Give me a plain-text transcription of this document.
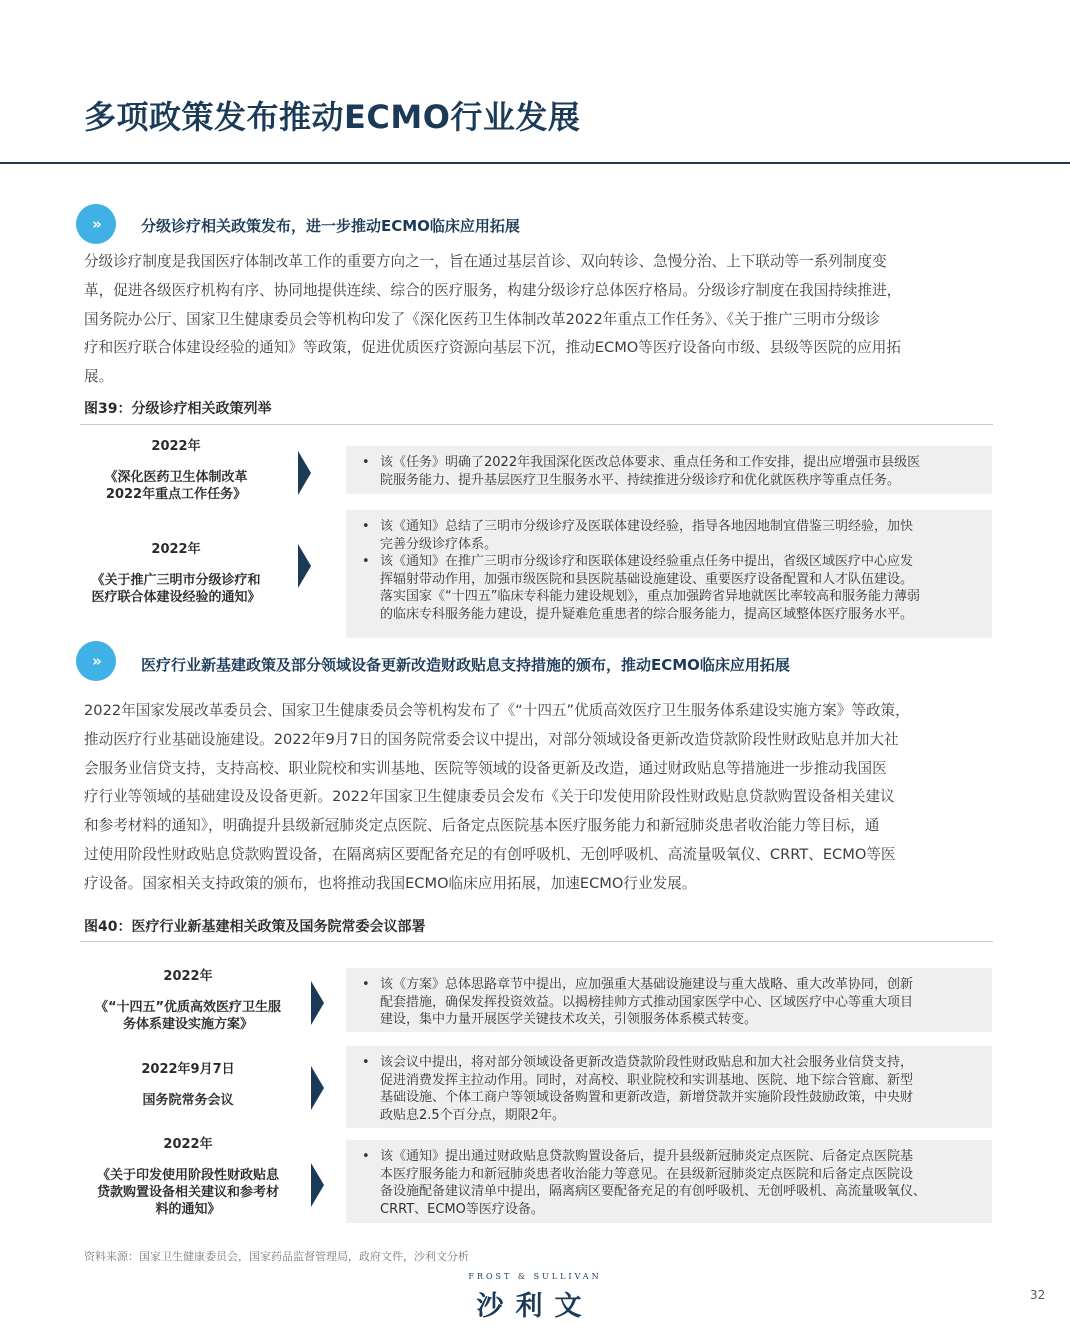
多项政策发布推动ECMO行业发展
»	分级诊疗相关政策发布，进一步推动ECMO临床应用拓展
分级诊疗制度是我国医疗体制改革工作的重要方向之一，旨在通过基层首诊、双向转诊、急慢分治、上下联动等一系列制度变
革，促进各级医疗机构有序、协同地提供连续、综合的医疗服务，构建分级诊疗总体医疗格局。分级诊疗制度在我国持续推进，
国务院办公厅、国家卫生健康委员会等机构印发了《深化医药卫生体制改革2022年重点工作任务》、《关于推广三明市分级诊
疗和医疗联合体建设经验的通知》等政策，促进优质医疗资源向基层下沉，推动ECMO等医疗设备向市级、县级等医院的应用拓
展。
图39：分级诊疗相关政策列举
2022年
《深化医药卫生体制改革
2022年重点工作任务》
• 该《任务》明确了2022年我国深化医改总体要求、重点任务和工作安排，提出应增强市县级医
院服务能力、提升基层医疗卫生服务水平、持续推进分级诊疗和优化就医秩序等重点任务。
2022年
《关于推广三明市分级诊疗和
医疗联合体建设经验的通知》
• 该《通知》总结了三明市分级诊疗及医联体建设经验，指导各地因地制宜借鉴三明经验，加快
完善分级诊疗体系。
• 该《通知》在推广三明市分级诊疗和医联体建设经验重点任务中提出，省级区域医疗中心应发
挥辐射带动作用，加强市级医院和县医院基础设施建设、重要医疗设备配置和人才队伍建设。
落实国家《“十四五”临床专科能力建设规划》，重点加强跨省异地就医比率较高和服务能力薄弱
的临床专科服务能力建设，提升疑难危重患者的综合服务能力，提高区域整体医疗服务水平。
»	医疗行业新基建政策及部分领域设备更新改造财政贴息支持措施的颁布，推动ECMO临床应用拓展
2022年国家发展改革委员会、国家卫生健康委员会等机构发布了《“十四五”优质高效医疗卫生服务体系建设实施方案》等政策，
推动医疗行业基础设施建设。2022年9月7日的国务院常委会议中提出，对部分领域设备更新改造贷款阶段性财政贴息并加大社
会服务业信贷支持，支持高校、职业院校和实训基地、医院等领域的设备更新及改造，通过财政贴息等措施进一步推动我国医
疗行业等领域的基础建设及设备更新。2022年国家卫生健康委员会发布《关于印发使用阶段性财政贴息贷款购置设备相关建议
和参考材料的通知》，明确提升县级新冠肺炎定点医院、后备定点医院基本医疗服务能力和新冠肺炎患者收治能力等目标，通
过使用阶段性财政贴息贷款购置设备，在隔离病区要配备充足的有创呼吸机、无创呼吸机、高流量吸氧仪、CRRT、ECMO等医
疗设备。国家相关支持政策的颁布，也将推动我国ECMO临床应用拓展，加速ECMO行业发展。
图40：医疗行业新基建相关政策及国务院常委会议部署
2022年
《“十四五”优质高效医疗卫生服
务体系建设实施方案》
• 该《方案》总体思路章节中提出，应加强重大基础设施建设与重大战略、重大改革协同，创新
配套措施，确保发挥投资效益。以揭榜挂帅方式推动国家医学中心、区域医疗中心等重大项目
建设，集中力量开展医学关键技术攻关，引领服务体系模式转变。
2022年9月7日
国务院常务会议
• 该会议中提出，将对部分领域设备更新改造贷款阶段性财政贴息和加大社会服务业信贷支持，
促进消费发挥主拉动作用。同时，对高校、职业院校和实训基地、医院、地下综合管廊、新型
基础设施、个体工商户等领域设备购置和更新改造，新增贷款并实施阶段性鼓励政策，中央财
政贴息2.5个百分点，期限2年。
2022年
《关于印发使用阶段性财政贴息
贷款购置设备相关建议和参考材
料的通知》
• 该《通知》提出通过财政贴息贷款购置设备后，提升县级新冠肺炎定点医院、后备定点医院基
本医疗服务能力和新冠肺炎患者收治能力等意见。在县级新冠肺炎定点医院和后备定点医院设
备设施配备建议清单中提出，隔离病区要配备充足的有创呼吸机、无创呼吸机、高流量吸氧仪、
CRRT、ECMO等医疗设备。
资料来源：国家卫生健康委员会，国家药品监督管理局，政府文件，沙利文分析
FROST & SULLIVAN
沙利文	32
